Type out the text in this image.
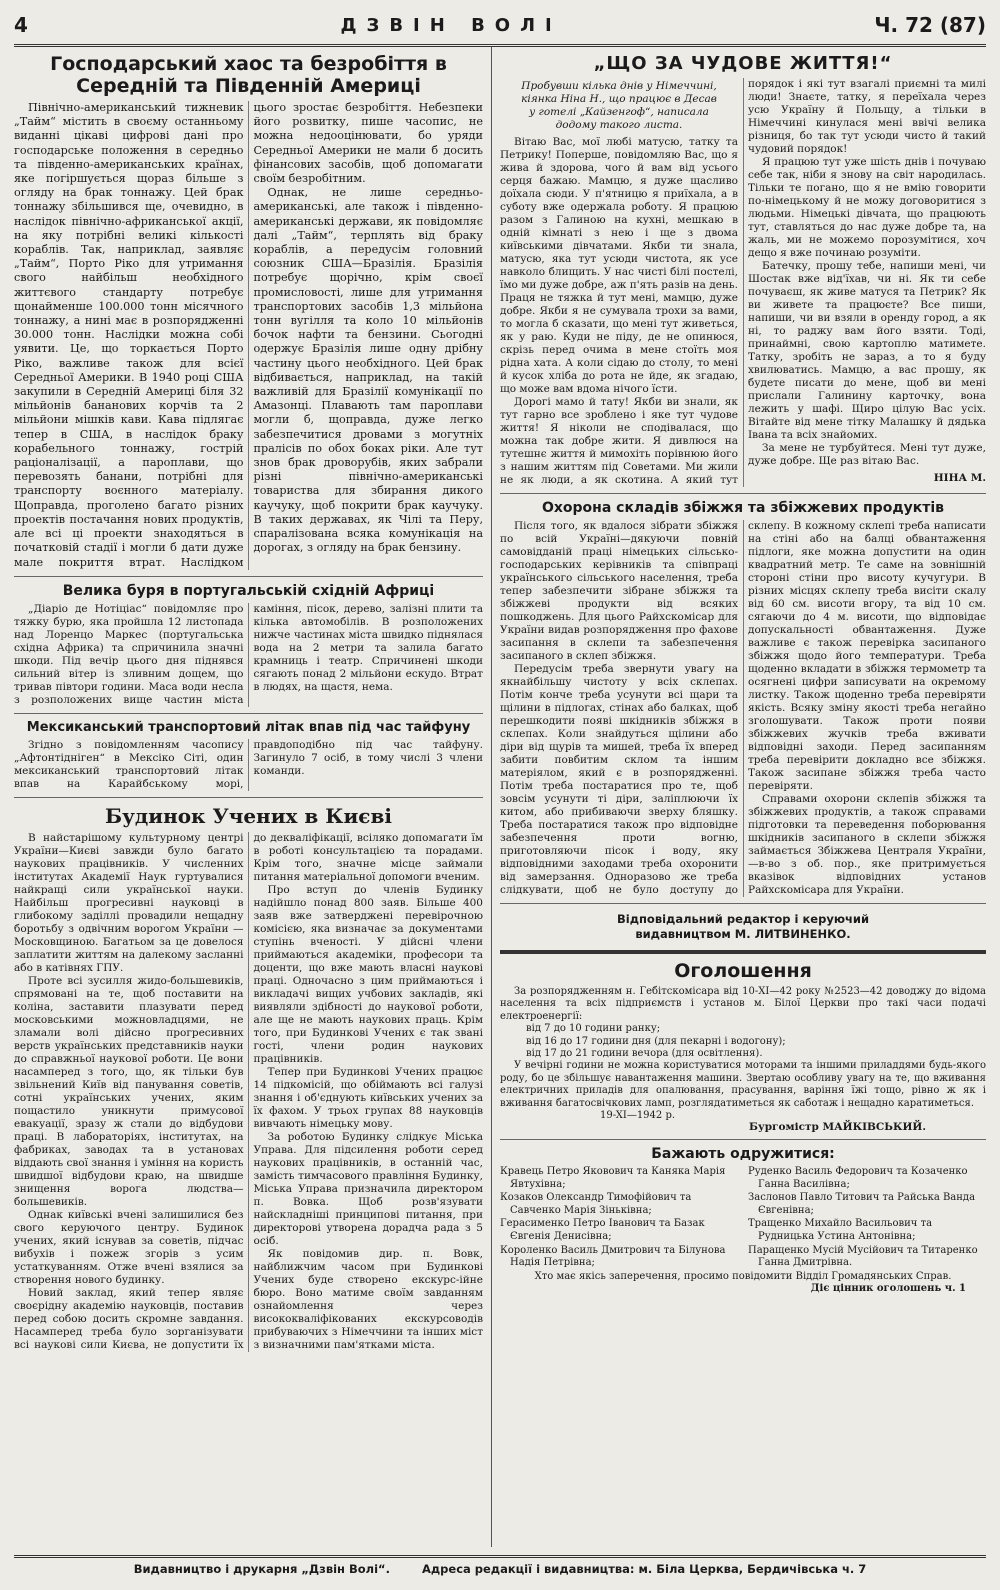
4	ДЗВІН ВОЛІ	Ч. 72 (87)
Господарський хаос та безробіття в Середній та Південній Америці

Північно-американський тижневик „Тайм“ містить в своєму останньому виданні цікаві цифрові дані про господарське положення в середньо та південно-американських країнах, яке погіршується щораз більше з огляду на брак тоннажу. Цей брак тоннажу збільшився ще, очевидно, в наслідок північно-африканської акції, на яку потрібні великі кількості кораблів. Так, наприклад, заявляє „Тайм“, Порто Ріко для утримання свого найбільш необхідного життєвого стандарту потребує щонайменше 100.000 тонн місячного тоннажу, а нині має в розпорядженні 30.000 тонн. Наслідки можна собі уявити. Це, що торкається Порто Ріко, важливе також для всієї Середньої Америки. В 1940 році США закупили в Середній Америці біля 32 мільйонів бананових корчів та 2 мільйони мішків кави. Кава підлягає тепер в США, в наслідок браку корабельного тоннажу, гострій раціоналізації, а пароплави, що перевозять банани, потрібні для транспорту воєнного матеріалу. Щоправда, проголено багато різних проектів постачання нових продуктів, але всі ці проекти знаходяться в початковій стадії і могли б дати дуже мале покриття втрат. Наслідком цього зростає безробіття. Небезпеки його розвитку, пише часопис, не можна недооцінювати, бо уряди Середньої Америки не мали б досить фінансових засобів, щоб допомагати своїм безробітним.

Однак, не лише середньо-американські, але також і південно-американські держави, як повідомляє далі „Тайм“, терплять від браку кораблів, а передусім головний союзник США—Бразілія. Бразілія потребує щорічно, крім своєї промисловості, лише для утримання транспортових засобів 1,3 мільйона тонн вугілля та коло 10 мільйонів бочок нафти та бензини. Сьогодні одержує Бразілія лише одну дрібну частину цього необхідного. Цей брак відбивається, наприклад, на такій важливій для Бразілії комунікації по Амазонці. Плавають там пароплави могли б, щоправда, дуже легко забезпечитися дровами з могутніх пралісів по обох боках ріки. Але тут знов брак дроворубів, яких забрали різні північно-американські товариства для збирання дикого каучуку, щоб покрити брак каучуку. В таких державах, як Чілі та Перу, спаралізована всяка комунікація на дорогах, з огляду на брак бензину.

Велика буря в португальській східній Африці

„Діаріо де Нотіціас“ повідомляє про тяжку бурю, яка пройшла 12 листопада над Лоренцо Маркес (португальська східна Африка) та спричинила значні шкоди. Під вечір цього дня піднявся сильний вітер із зливним дощем, що тривав півтори години. Маса води несла з розположених вище частин міста каміння, пісок, дерево, залізні плити та кілька автомобілів. В розположених нижче частинах міста швидко піднялася вода на 2 метри та залила багато крамниць і театр. Спричинені шкоди сягають понад 2 мільйони ескудо. Втрат в людях, на щастя, нема.

Мексиканський транспортовий літак впав під час тайфуну

Згідно з повідомленням часопису „Афтонтідніген“ в Мексіко Сіті, один мексиканський транспортовий літак впав на Карайбському морі, правдоподібно під час тайфуну. Загинуло 7 осіб, в тому числі 3 члени команди.

Будинок Учених в Києві

В найстарішому культурному центрі України—Києві завжди було багато наукових працівників. У численних інститутах Академії Наук гуртувалися найкращі сили української науки. Найбільш прогресивні науковці в глибокому заділлі провадили нещадну боротьбу з одвічним ворогом України — Московщиною. Багатьом за це довелося заплатити життям на далекому засланні або в катівнях ГПУ.

Проте всі зусилля жидо-большевиків, спрямовані на те, щоб поставити на коліна, заставити плазувати перед московськими можновладцями, не зламали волі дійсно прогресивних верств українських представників науки до справжньої наукової роботи. Це вони насамперед з того, що, як тільки був звільнений Київ від панування советів, сотні українських учених, яким пощастило уникнути примусової евакуації, зразу ж стали до відбудови праці. В лабораторіях, інститутах, на фабриках, заводах та в установах віддають свої знання і уміння на користь швидшої відбудови краю, на швидше знищення ворога людства—большевиків.

Однак київські вчені залишилися без свого керуючого центру. Будинок учених, який існував за советів, підчас вибухів і пожеж згорів з усим устаткуванням. Отже вчені взялися за створення нового будинку.

Новий заклад, який тепер являє своєрідну академію науковців, поставив перед собою досить скромне завдання. Насамперед треба було зорганізувати всі наукові сили Києва, не допустити їх до декваліфікації, всіляко допомагати їм в роботі консультацією та порадами. Крім того, значне місце займали питання матеріальної допомоги вченим.

Про вступ до членів Будинку надійшло понад 800 заяв. Більше 400 заяв вже затверджені перевірочною комісією, яка визначає за документами ступінь вченості. У дійсні члени приймаються академіки, професори та доценти, що вже мають власні наукові праці. Одночасно з цим приймаються і викладачі вищих учбових закладів, які виявляли здібності до наукової роботи, але ще не мають наукових праць. Крім того, при Будинкові Учених є так звані гості, члени родин наукових працівників.

Тепер при Будинкові Учених працює 14 підкомісій, що обіймають всі галузі знання і об'єднують київських учених за їх фахом. У трьох групах 88 науковців вивчають німецьку мову.

За роботою Будинку слідкує Міська Управа. Для підсилення роботи серед наукових працівників, в останній час, замість тимчасового правління Будинку, Міська Управа призначила директором п. Вовка. Щоб розв'язувати найскладніші принципові питання, при директорові утворена дорадча рада з 5 осіб.

Як повідомив дир. п. Вовк, найближчим часом при Будинкові Учених буде створено екскурс-ійне бюро. Воно матиме своїм завданням ознайомлення через висококваліфікованих екскурсоводів прибуваючих з Німеччини та інших міст з визначними пам'ятками міста.

„ЩО ЗА ЧУДОВЕ ЖИТТЯ!“

Пробувши кілька днів у Німеччині, кіянка Ніна Н., що працює в Десав у готелі „Кайзенгоф“, написала додому такого листа.

Вітаю Вас, мої любі матусю, татку та Петрику! Попершe, повідомляю Вас, що я жива й здорова, чого й вам від усього серця бажаю. Мамцю, я дуже щасливо доїхала сюди. У п'ятницю я приїхала, а в суботу вже одержала роботу. Я працюю разом з Галиною на кухні, мешкаю в одній кімнаті з нею і ще з двома київськими дівчатами. Якби ти знала, матусю, яка тут усюди чистота, як усе навколо блищить. У нас чисті білі постелі, їмо ми дуже добре, аж п'ять разів на день. Праця не тяжка й тут мені, мамцю, дуже добре. Якби я не сумувала трохи за вами, то могла б сказати, що мені тут живеться, як у раю. Куди не піду, де не опинюся, скрізь перед очима в мене стоїть моя рідна хата. А коли сідаю до столу, то мені й кусок хліба до рота не йде, як згадаю, що може вам вдома нічого їсти.

Дорогі мамо й тату! Якби ви знали, як тут гарно все зроблено і яке тут чудове життя! Я ніколи не сподівалася, що можна так добре жити. Я дивлюся на тутешнє життя й мимохіть порівнюю його з нашим життям під Советами. Ми жили не як люди, а як скотина. А який тут порядок і які тут взагалі приємні та милі люди! Знаєте, татку, я переїхала через усю Україну й Польщу, а тільки в Німеччині кинулася мені ввічі велика різниця, бо так тут усюди чисто й такий чудовий порядок!

Я працюю тут уже шість днів і почуваю себе так, ніби я знову на світ народилась. Тільки те погано, що я не вмію говорити по-німецькому й не можу договоритися з людьми. Німецькі дівчата, що працюють тут, ставляться до нас дуже добре та, на жаль, ми не можемо порозумітися, хоч дещо я вже починаю розуміти.

Батечку, прошу тебе, напиши мені, чи Шостак вже від'їхав, чи ні. Як ти себе почуваєш, як живе матуся та Петрик? Як ви живете та працюєте? Все пиши, напиши, чи ви взяли в оренду город, а як ні, то раджу вам його взяти. Тоді, принаймні, свою картоплю матимете. Татку, зробіть не зараз, а то я буду хвилюватись. Мамцю, а вас прошу, як будете писати до мене, щоб ви мені прислали Галинину карточку, вона лежить у шафі. Щиро цілую Вас усіх. Вітайте від мене тітку Малашку й дядька Івана та всіх знайомих.

За мене не турбуйтеся. Мені тут дуже, дуже добре. Ще раз вітаю Вас.

НІНА М.

Охорона складів збіжжя та збіжжевих продуктів

Після того, як вдалося зібрати збіжжя по всій Україні—дякуючи повній самовідданій праці німецьких сільсько-господарських керівників та співпраці українського сільського населення, треба тепер забезпечити зібране збіжжя та збіжжеві продукти від всяких пошкоджень. Для цього Райхскомісар для України видав розпорядження про фахове засипання в склепи та забезпечення засипаного в склеп збіжжя.

Передусім треба звернути увагу на якнайбільшу чистоту у всіх склепах. Потім конче треба усунути всі щари та щілини в підлогах, стінах або балках, щоб перешкодити появі шкідників збіжжя в склепах. Коли знайдуться щілини або діри від щурів та мишей, треба їх вперед забити повбитим склом та іншим матеріялом, який є в розпорядженні. Потім треба постаратися про те, щоб зовсім усунути ті діри, заліплюючи їх китом, або прибиваючи зверху бляшку. Треба постаратися також про відповідне забезпечення проти вогню, приготовляючи пісок і воду, яку відповідними заходами треба охоронити від замерзання. Одноразово же треба слідкувати, щоб не було доступу до склепу. В кожному склепі треба написати на стіні або на балці обвантаження підлоги, яке можна допустити на один квадратний метр. Те саме на зовнішній стороні стіни про висоту кучугури. В різних місцях склепу треба висіти скалу від 60 см. висоти вгору, та від 10 см. сягаючи до 4 м. висоти, що відповідає допускальності обвантаження. Дуже важливе є також перевірка засипаного збіжжя щодо його температури. Треба щоденно вкладати в збіжжя термометр та осягнені цифри записувати на окремому листку. Також щоденно треба перевіряти якість. Всяку зміну якості треба негайно зголошувати. Також проти появи збіжжевих жучків треба вживати відповідні заходи. Перед засипанням треба перевірити докладно все збіжжя. Також засипане збіжжя треба часто перевіряти.

Справами охорони склепів збіжжя та збіжжевих продуктів, а також справами підготовки та переведення поборювання шкідників засипаного в склепи збіжжя займається Збіжжева Централя України, —в-во з об. пор., яке притримується вказівок відповідних установ Райхскомісара для України.

Відповідальний редактор і керуючий
видавництвом М. ЛИТВИНЕНКО.
Оголошення

За розпорядженням н. Гебітскомісара від 10-ХІ—42 року №2523—42 доводжу до відома населення та всіх підприємств і установ м. Білої Церкви про такі часи подачі електроенергії:

від 7 до 10 години ранку;
від 16 до 17 години дня (для пекарні і водогону);
від 17 до 21 години вечора (для освітлення).

У вечірні години не можна користуватися моторами та іншими приладдями будь-якого роду, бо це збільшує навантаження машини. Звертаю особливу увагу на те, що вживання електричних приладів для опалювання, прасування, варіння їжі тощо, рівно ж як і вживання багатосвічкових ламп, розглядатиметься як саботаж і нещадно каратиметься.

19-XI—1942 р.
Бургомістр МАЙКІВСЬКИЙ.
Бажають одружитися:
Кравець Петро Яковович та Каняка Марія Явтухівна;
Козаков Олександр Тимофійович та Савченко Марія Зіньківна;
Герасименко Петро Іванович та Базак Євгенія Денисівна;
Короленко Василь Дмитрович та Білунова Надія Петрівна;
Руденко Василь Федорович та Козаченко Ганна Василівна;
Заслонов Павло Титович та Райська Ванда Євгенівна;
Тращенко Михайло Васильович та Рудницька Устина Антонівна;
Паращенко Мусій Мусійович та Титаренко Ганна Дмитрівна.
Хто має якісь заперечення, просимо повідомити Відділ Громадянських Справ.
Діє цінник оголошень ч. 1
Видавництво і друкарня „Дзвін Волі“.	Адреса редакції і видавництва: м. Біла Церква, Бердичівська ч. 7
